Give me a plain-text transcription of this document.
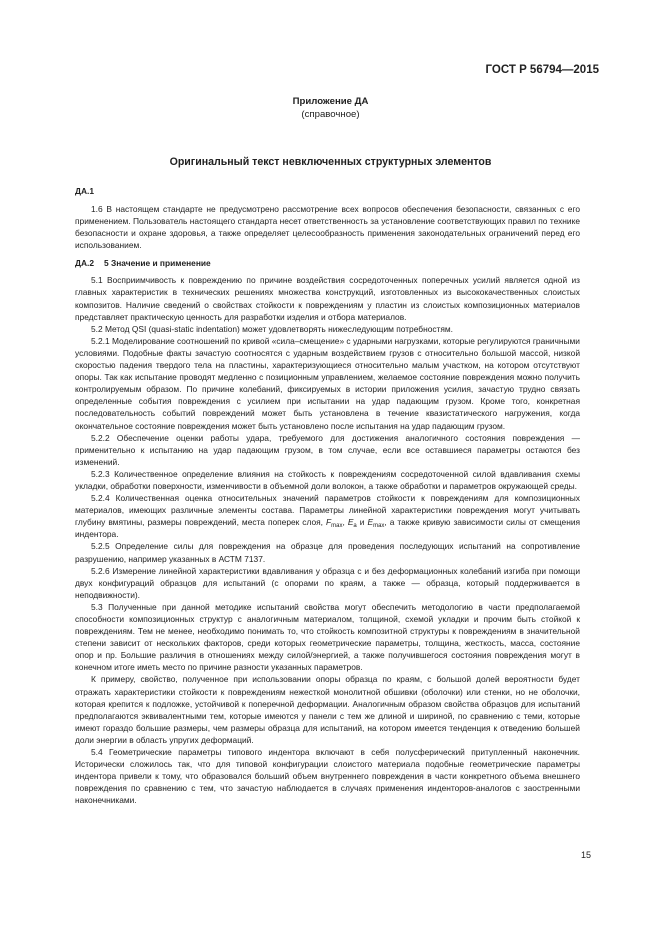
ГОСТ Р 56794—2015
Приложение ДА
(справочное)
Оригинальный текст невключенных структурных элементов
ДА.1

1.6 В настоящем стандарте не предусмотрено рассмотрение всех вопросов обеспечения безопасности, связанных с его применением. Пользователь настоящего стандарта несет ответственность за установление соответствующих правил по технике безопасности и охране здоровья, а также определяет целесообразность применения законодательных ограничений перед его использованием.

ДА.2 5 Значение и применение

5.1 Восприимчивость к повреждению по причине воздействия сосредоточенных поперечных усилий является одной из главных характеристик в технических решениях множества конструкций, изготовленных из высококачественных слоистых композитов. Наличие сведений о свойствах стойкости к повреждениям у пластин из слоистых композиционных материалов представляет практическую ценность для разработки изделия и отбора материалов.

5.2 Метод QSI (quasi-static indentation) может удовлетворять нижеследующим потребностям.

5.2.1 Моделирование соотношений по кривой «сила–смещение» с ударными нагрузками, которые регулируются граничными условиями. Подобные факты зачастую соотносятся с ударным воздействием грузов с относительно большой массой, низкой скоростью падения твердого тела на пластины, характеризующиеся относительно малым участком, на котором отсутствуют опоры. Так как испытание проводят медленно с позиционным управлением, желаемое состояние повреждения можно получить контролируемым образом. По причине колебаний, фиксируемых в истории приложения усилия, зачастую трудно связать определенные события повреждения с усилием при испытании на удар падающим грузом. Кроме того, конкретная последовательность событий повреждений может быть установлена в течение квазистатического нагружения, когда окончательное состояние повреждения может быть установлено после испытания на удар падающим грузом.

5.2.2 Обеспечение оценки работы удара, требуемого для достижения аналогичного состояния повреждения — применительно к испытанию на удар падающим грузом, в том случае, если все оставшиеся параметры остаются без изменений.

5.2.3 Количественное определение влияния на стойкость к повреждениям сосредоточенной силой вдавливания схемы укладки, обработки поверхности, изменчивости в объемной доли волокон, а также обработки и параметров окружающей среды.

5.2.4 Количественная оценка относительных значений параметров стойкости к повреждениям для композиционных материалов, имеющих различные элементы состава. Параметры линейной характеристики повреждения могут учитывать глубину вмятины, размеры повреждений, места поперек слоя, $F_{max}$, $E_a$ и $E_{max}$, а также кривую зависимости силы от смещения индентора.

5.2.5 Определение силы для повреждения на образце для проведения последующих испытаний на сопротивление разрушению, например указанных в АСТМ 7137.

5.2.6 Измерение линейной характеристики вдавливания у образца с и без деформационных колебаний изгиба при помощи двух конфигураций образцов для испытаний (с опорами по краям, а также — образца, который поддерживается в неподвижности).

5.3 Полученные при данной методике испытаний свойства могут обеспечить методологию в части предполагаемой способности композиционных структур с аналогичным материалом, толщиной, схемой укладки и прочим быть стойкой к повреждениям. Тем не менее, необходимо понимать то, что стойкость композитной структуры к повреждениям в значительной степени зависит от нескольких факторов, среди которых геометрические параметры, толщина, жесткость, масса, состояние опор и пр. Большие различия в отношениях между силой/энергией, а также получившегося состояния повреждения могут в конечном итоге иметь место по причине разности указанных параметров.

К примеру, свойство, полученное при использовании опоры образца по краям, с большой долей вероятности будет отражать характеристики стойкости к повреждениям нежесткой монолитной обшивки (оболочки) или стенки, но не оболочки, которая крепится к подложке, устойчивой к поперечной деформации. Аналогичным образом свойства образцов для испытаний предполагаются эквивалентными тем, которые имеются у панели с тем же длиной и шириной, по сравнению с теми, которые имеют гораздо большие размеры, чем размеры образца для испытаний, на котором имеется тенденция к отведению большей доли энергии в область упругих деформаций.

5.4 Геометрические параметры типового индентора включают в себя полусферический притупленный наконечник. Исторически сложилось так, что для типовой конфигурации слоистого материала подобные геометрические параметры индентора привели к тому, что образовался больший объем внутреннего повреждения в части конкретного объема внешнего повреждения по сравнению с тем, что зачастую наблюдается в случаях применения инденторов-аналогов с заостренными наконечниками.

15
